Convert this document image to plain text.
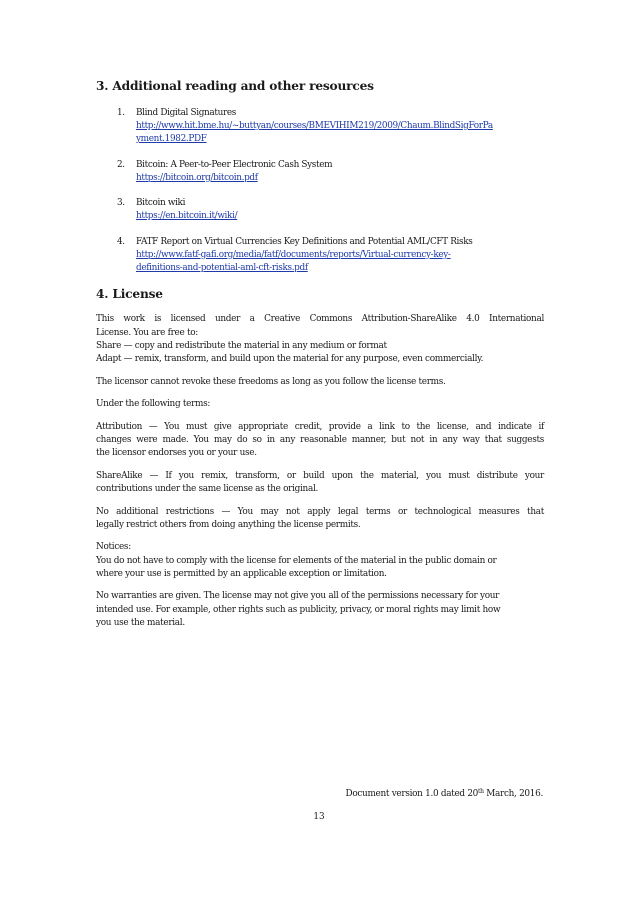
3. Additional reading and other resources
1. Blind Digital Signatures
http://www.hit.bme.hu/~buttyan/courses/BMEVIHIM219/2009/Chaum.BlindSigForPa
yment.1982.PDF
2. Bitcoin: A Peer-to-Peer Electronic Cash System
https://bitcoin.org/bitcoin.pdf
3. Bitcoin wiki
https://en.bitcoin.it/wiki/
4. FATF Report on Virtual Currencies Key Definitions and Potential AML/CFT Risks
http://www.fatf-gafi.org/media/fatf/documents/reports/Virtual-currency-key-
definitions-and-potential-aml-cft-risks.pdf
4. License
This work is licensed under a Creative Commons Attribution-ShareAlike 4.0 International
License. You are free to:
Share — copy and redistribute the material in any medium or format
Adapt — remix, transform, and build upon the material for any purpose, even commercially.
The licensor cannot revoke these freedoms as long as you follow the license terms.
Under the following terms:
Attribution — You must give appropriate credit, provide a link to the license, and indicate if
changes were made. You may do so in any reasonable manner, but not in any way that suggests
the licensor endorses you or your use.
ShareAlike — If you remix, transform, or build upon the material, you must distribute your
contributions under the same license as the original.
No additional restrictions — You may not apply legal terms or technological measures that
legally restrict others from doing anything the license permits.
Notices:
You do not have to comply with the license for elements of the material in the public domain or
where your use is permitted by an applicable exception or limitation.
No warranties are given. The license may not give you all of the permissions necessary for your
intended use. For example, other rights such as publicity, privacy, or moral rights may limit how
you use the material.
Document version 1.0 dated 20th March, 2016.
13
